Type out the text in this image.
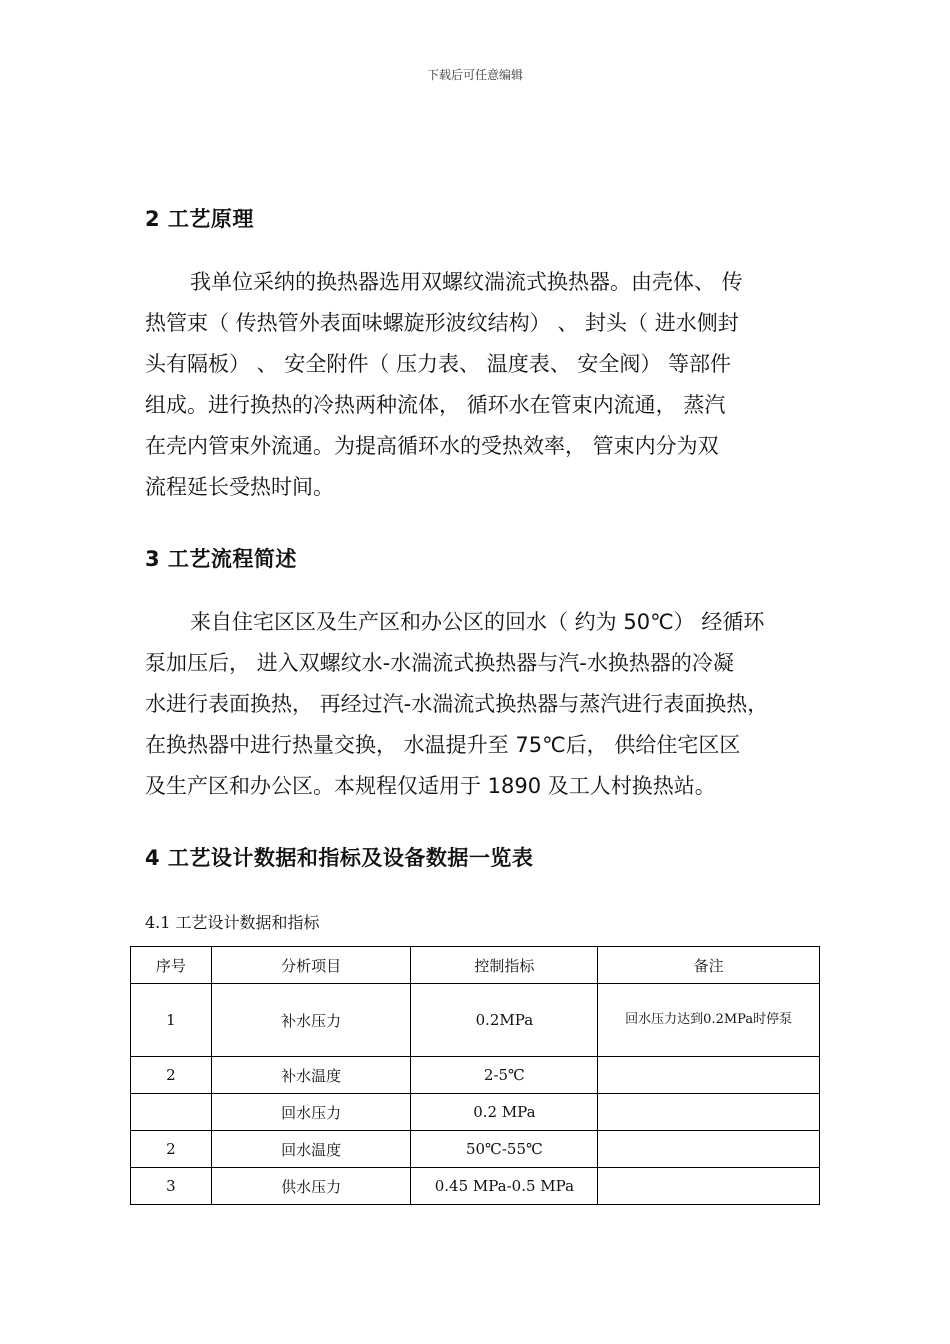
下载后可任意编辑
2 工艺原理
我单位采纳的换热器选用双螺纹湍流式换热器。由壳体、 传
热管束（ 传热管外表面味螺旋形波纹结构） 、 封头（ 进水侧封
头有隔板） 、 安全附件（ 压力表、 温度表、 安全阀） 等部件
组成。进行换热的冷热两种流体， 循环水在管束内流通， 蒸汽
在壳内管束外流通。为提高循环水的受热效率， 管束内分为双
流程延长受热时间。
3 工艺流程简述
来自住宅区区及生产区和办公区的回水（ 约为 50℃） 经循环
泵加压后， 进入双螺纹水-水湍流式换热器与汽-水换热器的冷凝
水进行表面换热， 再经过汽-水湍流式换热器与蒸汽进行表面换热，
在换热器中进行热量交换， 水温提升至 75℃后， 供给住宅区区
及生产区和办公区。本规程仅适用于 1890 及工人村换热站。
4 工艺设计数据和指标及设备数据一览表
4.1 工艺设计数据和指标
序号	分析项目	控制指标	备注
1	补水压力	0.2MPa	回水压力达到0.2MPa时停泵
2	补水温度	2-5℃	
	回水压力	0.2 MPa	
2	回水温度	50℃-55℃	
3	供水压力	0.45 MPa-0.5 MPa	
